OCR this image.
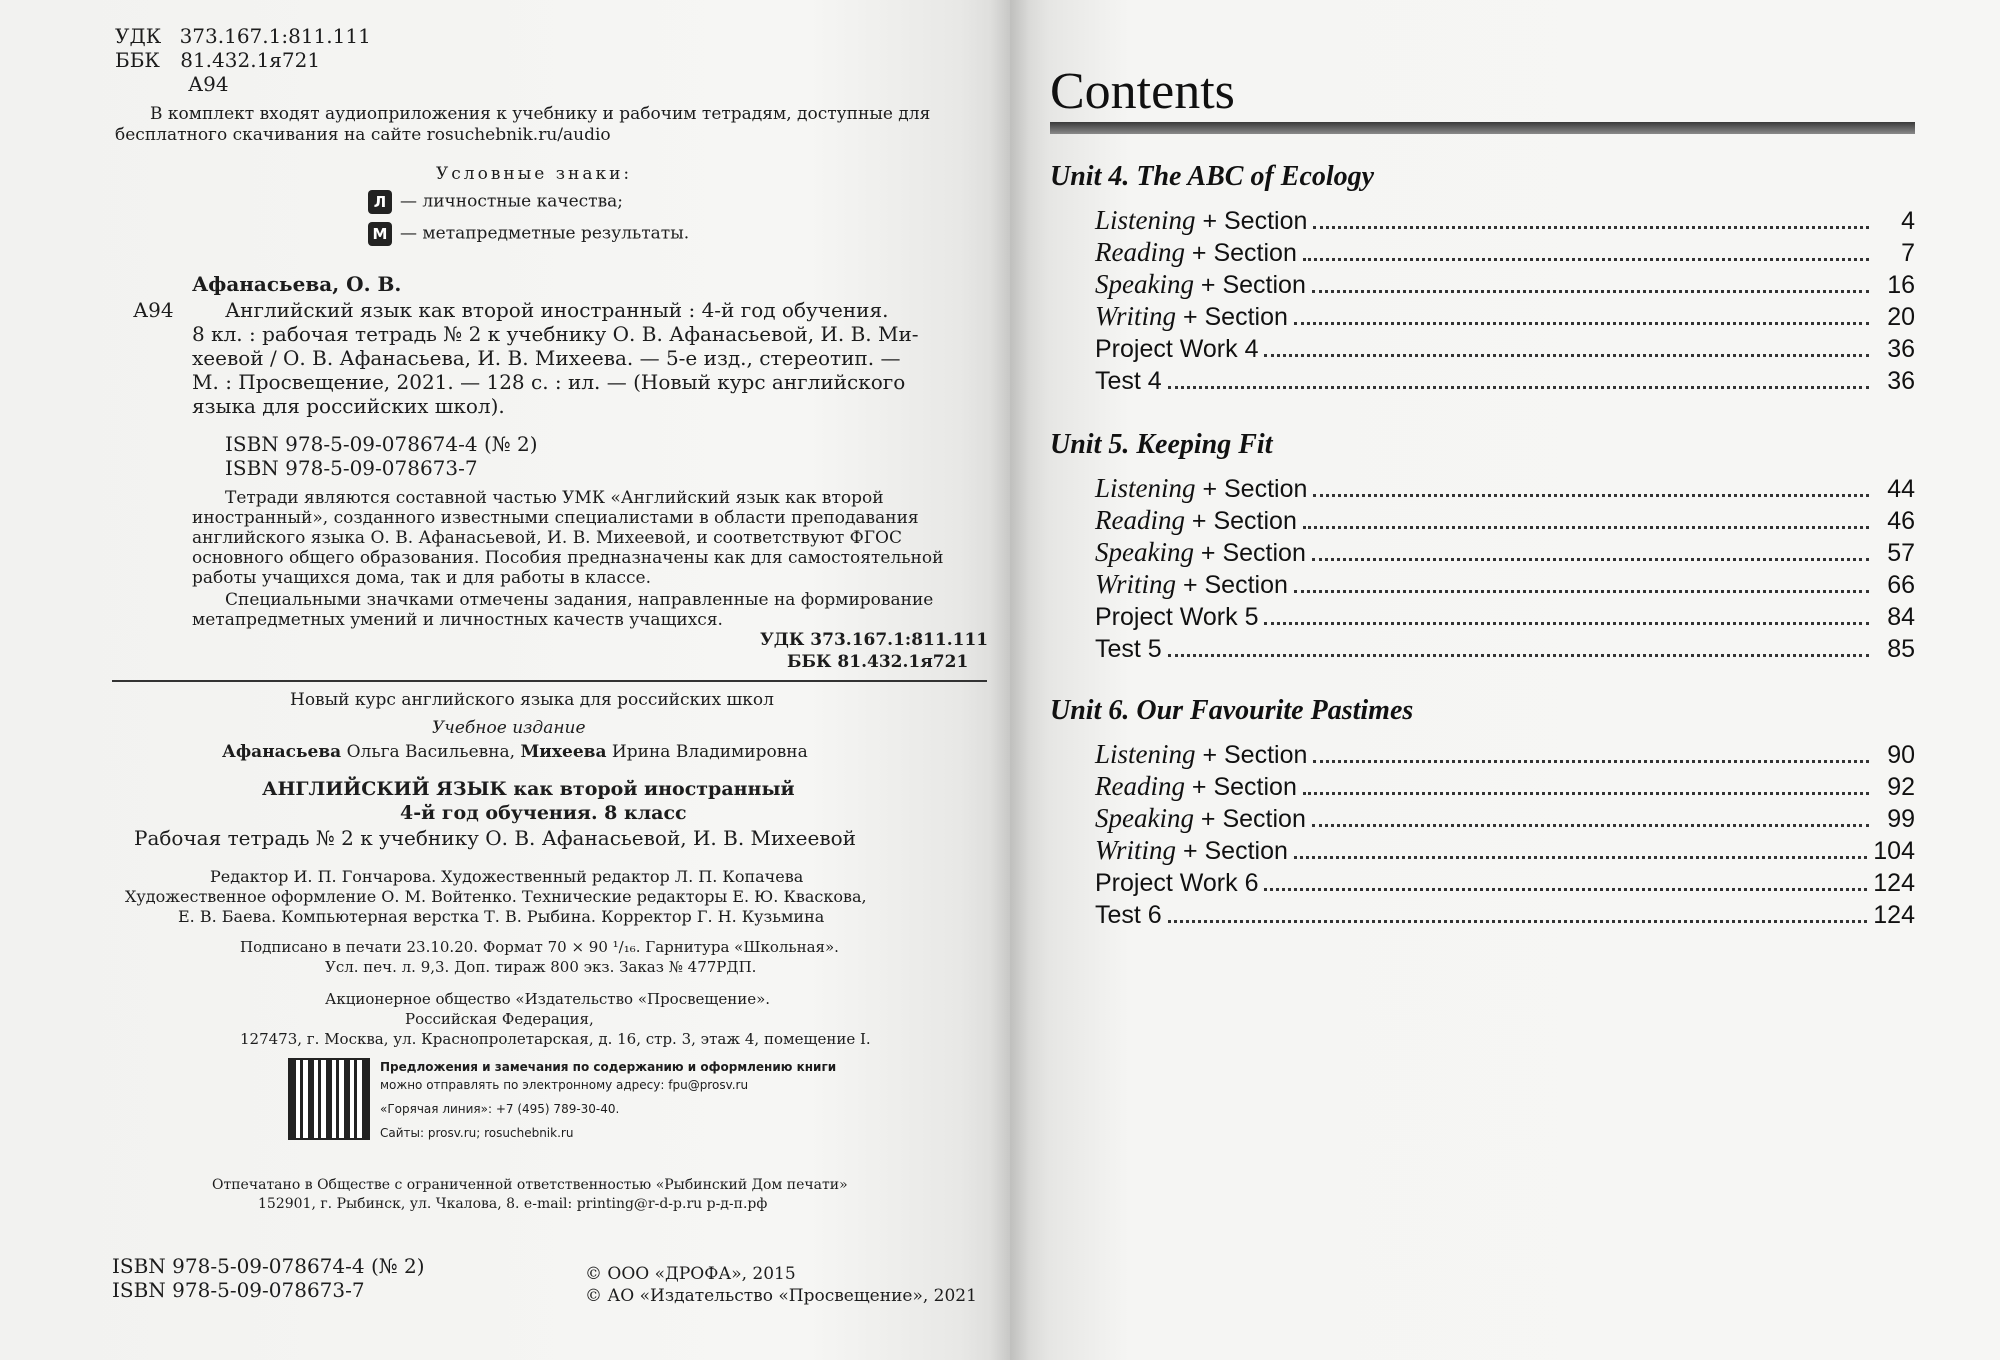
УДК 373.167.1:811.111
ББК 81.432.1я721
А94
В комплект входят аудиоприложения к учебнику и рабочим тетрадям, доступные для
бесплатного скачивания на сайте rosuchebnik.ru/audio
Условные знаки:
Л — личностные качества;
М — метапредметные результаты.
Афанасьева, О. В.
А94	Английский язык как второй иностранный : 4-й год обучения.
8 кл. : рабочая тетрадь № 2 к учебнику О. В. Афанасьевой, И. В. Ми-
хеевой / О. В. Афанасьева, И. В. Михеева. — 5-е изд., стереотип. —
М. : Просвещение, 2021. — 128 с. : ил. — (Новый курс английского
языка для российских школ).
ISBN 978-5-09-078674-4 (№ 2)
ISBN 978-5-09-078673-7
Тетради являются составной частью УМК «Английский язык как второй
иностранный», созданного известными специалистами в области преподавания
английского языка О. В. Афанасьевой, И. В. Михеевой, и соответствуют ФГОС
основного общего образования. Пособия предназначены как для самостоятельной
работы учащихся дома, так и для работы в классе.
Специальными значками отмечены задания, направленные на формирование
метапредметных умений и личностных качеств учащихся.
УДК 373.167.1:811.111
ББК 81.432.1я721
Новый курс английского языка для российских школ
Учебное издание
Афанасьева Ольга Васильевна, Михеева Ирина Владимировна
АНГЛИЙСКИЙ ЯЗЫК как второй иностранный
4-й год обучения. 8 класс
Рабочая тетрадь № 2 к учебнику О. В. Афанасьевой, И. В. Михеевой
Редактор И. П. Гончарова. Художественный редактор Л. П. Копачева
Художественное оформление О. М. Войтенко. Технические редакторы Е. Ю. Кваскова,
Е. В. Баева. Компьютерная верстка Т. В. Рыбина. Корректор Г. Н. Кузьмина
Подписано в печати 23.10.20. Формат 70 × 90 ¹/₁₆. Гарнитура «Школьная».
Усл. печ. л. 9,3. Доп. тираж 800 экз. Заказ № 477РДП.
Акционерное общество «Издательство «Просвещение».
Российская Федерация,
127473, г. Москва, ул. Краснопролетарская, д. 16, стр. 3, этаж 4, помещение I.
Предложения и замечания по содержанию и оформлению книги
можно отправлять по электронному адресу: fpu@prosv.ru
«Горячая линия»: +7 (495) 789-30-40.
Сайты: prosv.ru; rosuchebnik.ru
Отпечатано в Обществе с ограниченной ответственностью «Рыбинский Дом печати»
152901, г. Рыбинск, ул. Чкалова, 8. e-mail: printing@r-d-p.ru р-д-п.рф
ISBN 978-5-09-078674-4 (№ 2)
ISBN 978-5-09-078673-7
© ООО «ДРОФА», 2015
© АО «Издательство «Просвещение», 2021
Contents
Unit 4. The ABC of Ecology
Listening + Section	4
Reading + Section	7
Speaking + Section	16
Writing + Section	20
Project Work 4	36
Test 4	36
Unit 5. Keeping Fit
Listening + Section	44
Reading + Section	46
Speaking + Section	57
Writing + Section	66
Project Work 5	84
Test 5	85
Unit 6. Our Favourite Pastimes
Listening + Section	90
Reading + Section	92
Speaking + Section	99
Writing + Section	104
Project Work 6	124
Test 6	124
